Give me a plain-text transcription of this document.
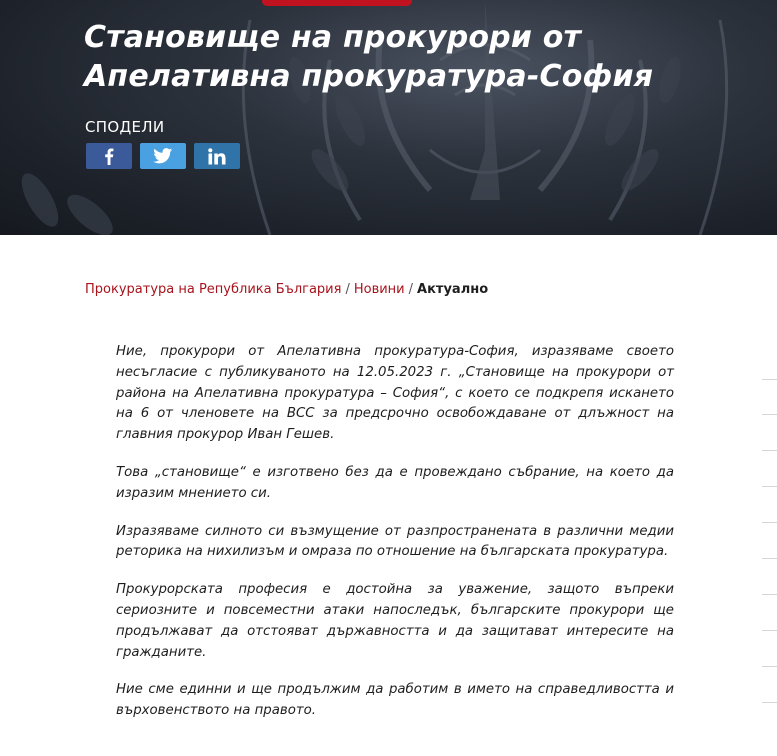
Становище на прокурори от Апелативна прокуратура-София
СПОДЕЛИ
Прокуратура на Република България / Новини / Актуално

Ние, прокурори от Апелативна прокуратура-София, изразяваме своето несъгласие с публикуваното на 12.05.2023 г. „Становище на прокурори от района на Апелативна прокуратура – София“, с което се подкрепя искането на 6 от членовете на ВСС за предсрочно освобождаване от длъжност на главния прокурор Иван Гешев.

Това „становище“ е изготвено без да е провеждано събрание, на което да изразим мнението си.

Изразяваме силното си възмущение от разпространената в различни медии реторика на нихилизъм и омраза по отношение на българската прокуратура.

Прокурорската професия е достойна за уважение, защото въпреки сериозните и повсеместни атаки напоследък, българските прокурори ще продължават да отстояват държавността и да защитават интересите на гражданите.

Ние сме единни и ще продължим да работим в името на справедливостта и върховенството на правото.
